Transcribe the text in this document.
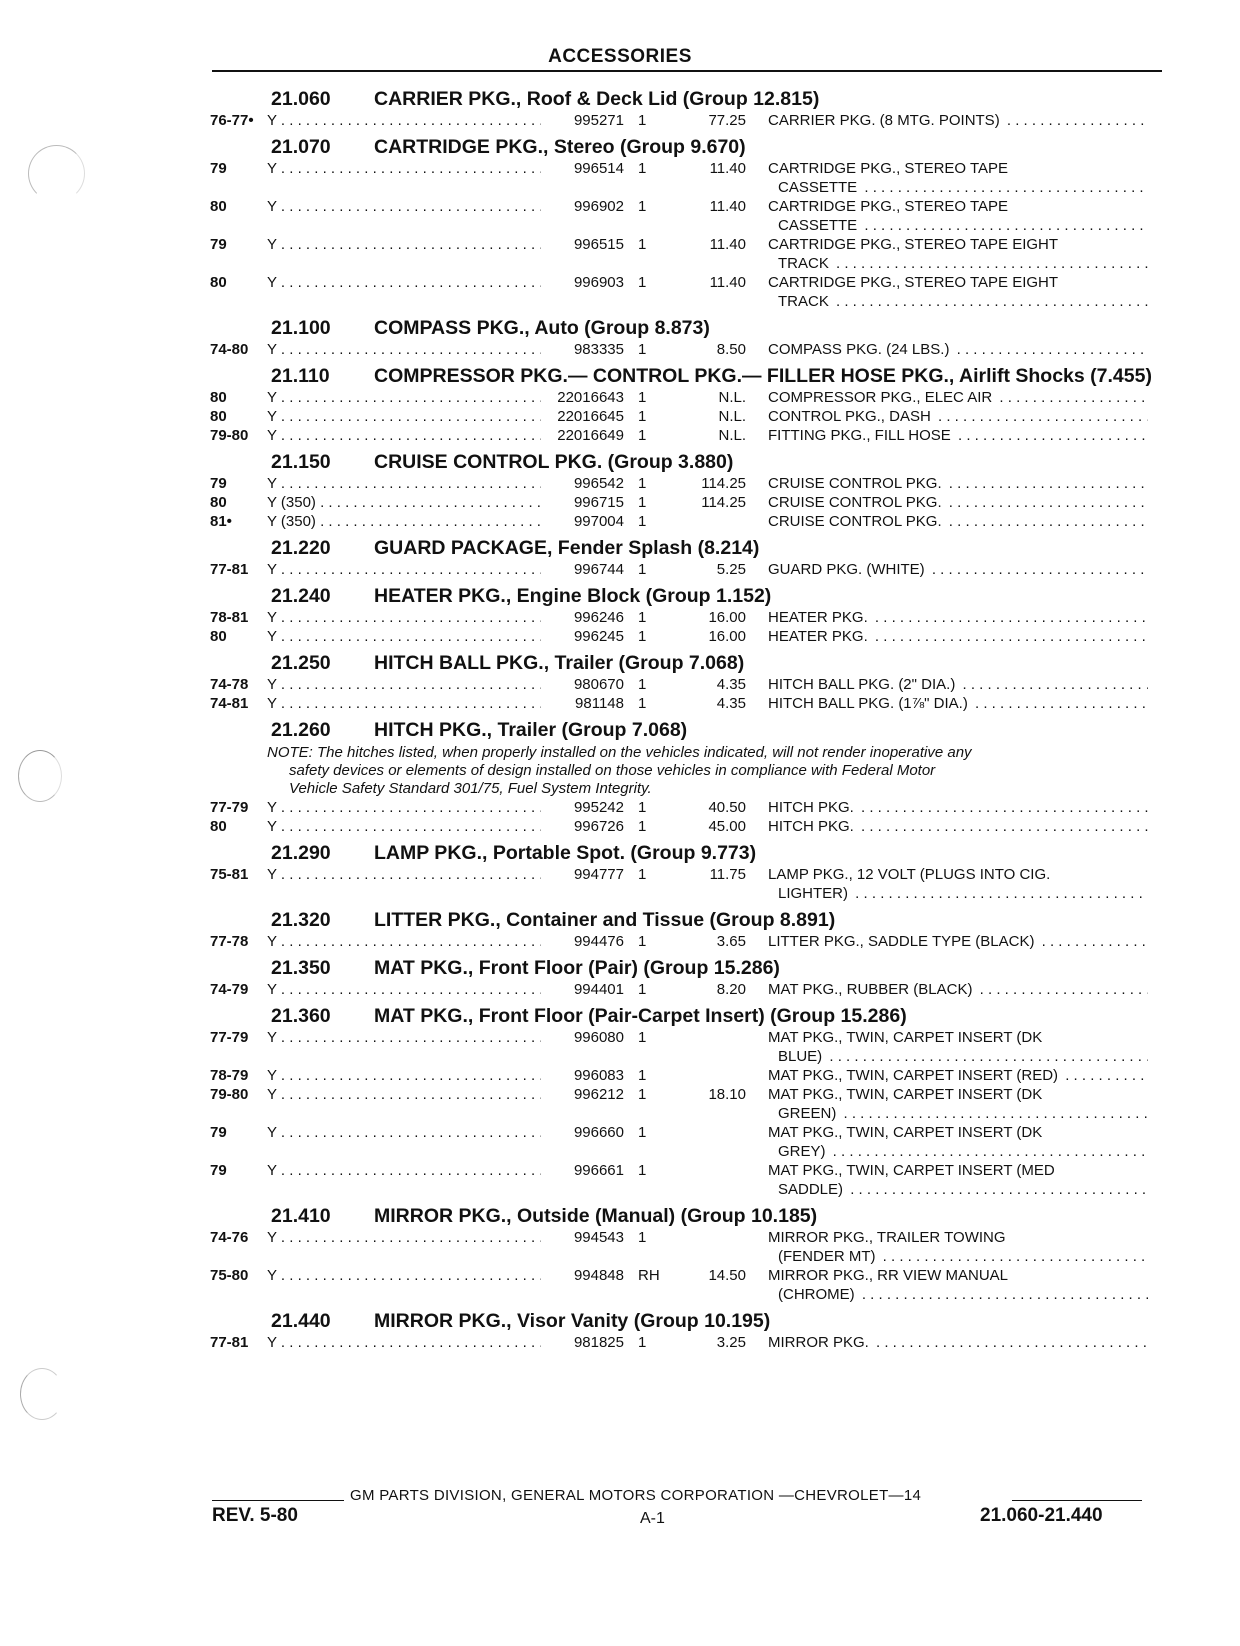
ACCESSORIES
21.060	CARRIER PKG., Roof & Deck Lid (Group 12.815)
76-77• Y . . .	995271 1	77.25 CARRIER PKG. (8 MTG. POINTS) . . .
21.070	CARTRIDGE PKG., Stereo (Group 9.670)
79	Y . . .	996514 1	11.40 CARTRIDGE PKG., STEREO TAPE
CASSETTE . . .
80	Y . . .	996902 1	11.40 CARTRIDGE PKG., STEREO TAPE
CASSETTE . . .
79	Y . . .	996515 1	11.40 CARTRIDGE PKG., STEREO TAPE EIGHT
TRACK . . .
80	Y . . .	996903 1	11.40 CARTRIDGE PKG., STEREO TAPE EIGHT
TRACK . . .
21.100	COMPASS PKG., Auto (Group 8.873)
74-80	Y . . .	983335 1	8.50 COMPASS PKG. (24 LBS.) . . .
21.110	COMPRESSOR PKG.— CONTROL PKG.— FILLER HOSE PKG., Airlift Shocks (7.455)
80	Y . . .	22016643 1	N.L. COMPRESSOR PKG., ELEC AIR . . .
80	Y . . .	22016645 1	N.L. CONTROL PKG., DASH . . .
79-80	Y . . .	22016649 1	N.L. FITTING PKG., FILL HOSE . . .
21.150	CRUISE CONTROL PKG. (Group 3.880)
79	Y . . .	996542 1	114.25 CRUISE CONTROL PKG. . . .
80	Y (350) . . .	996715 1	114.25 CRUISE CONTROL PKG. . . .
81•	Y (350) . . .	997004 1	CRUISE CONTROL PKG. . . .
21.220	GUARD PACKAGE, Fender Splash (8.214)
77-81	Y . . .	996744 1	5.25 GUARD PKG. (WHITE) . . .
21.240	HEATER PKG., Engine Block (Group 1.152)
78-81	Y . . .	996246 1	16.00 HEATER PKG. . . .
80	Y . . .	996245 1	16.00 HEATER PKG. . . .
21.250	HITCH BALL PKG., Trailer (Group 7.068)
74-78	Y . . .	980670 1	4.35 HITCH BALL PKG. (2" DIA.) . . .
74-81	Y . . .	981148 1	4.35 HITCH BALL PKG. (1⅞" DIA.) . . .
21.260	HITCH PKG., Trailer (Group 7.068)
NOTE: The hitches listed, when properly installed on the vehicles indicated, will not render inoperative any
safety devices or elements of design installed on those vehicles in compliance with Federal Motor
Vehicle Safety Standard 301/75, Fuel System Integrity.
77-79	Y . . .	995242 1	40.50 HITCH PKG. . . .
80	Y . . .	996726 1	45.00 HITCH PKG. . . .
21.290	LAMP PKG., Portable Spot. (Group 9.773)
75-81	Y . . .	994777 1	11.75 LAMP PKG., 12 VOLT (PLUGS INTO CIG.
LIGHTER) . . .
21.320	LITTER PKG., Container and Tissue (Group 8.891)
77-78	Y . . .	994476 1	3.65 LITTER PKG., SADDLE TYPE (BLACK) . . .
21.350	MAT PKG., Front Floor (Pair) (Group 15.286)
74-79	Y . . .	994401 1	8.20 MAT PKG., RUBBER (BLACK) . . .
21.360	MAT PKG., Front Floor (Pair-Carpet Insert) (Group 15.286)
77-79	Y . . .	996080 1	MAT PKG., TWIN, CARPET INSERT (DK
BLUE) . . .
78-79	Y . . .	996083 1	MAT PKG., TWIN, CARPET INSERT (RED) . . .
79-80	Y . . .	996212 1	18.10 MAT PKG., TWIN, CARPET INSERT (DK
GREEN) . . .
79	Y . . .	996660 1	MAT PKG., TWIN, CARPET INSERT (DK
GREY) . . .
79	Y . . .	996661 1	MAT PKG., TWIN, CARPET INSERT (MED
SADDLE) . . .
21.410	MIRROR PKG., Outside (Manual) (Group 10.185)
74-76	Y . . .	994543 1	MIRROR PKG., TRAILER TOWING
(FENDER MT) . . .
75-80	Y . . .	994848 RH	14.50 MIRROR PKG., RR VIEW MANUAL
(CHROME) . . .
21.440	MIRROR PKG., Visor Vanity (Group 10.195)
77-81	Y . . .	981825 1	3.25 MIRROR PKG. . . .
GM PARTS DIVISION, GENERAL MOTORS CORPORATION —CHEVROLET—14
REV. 5-80	A-1	21.060-21.440
